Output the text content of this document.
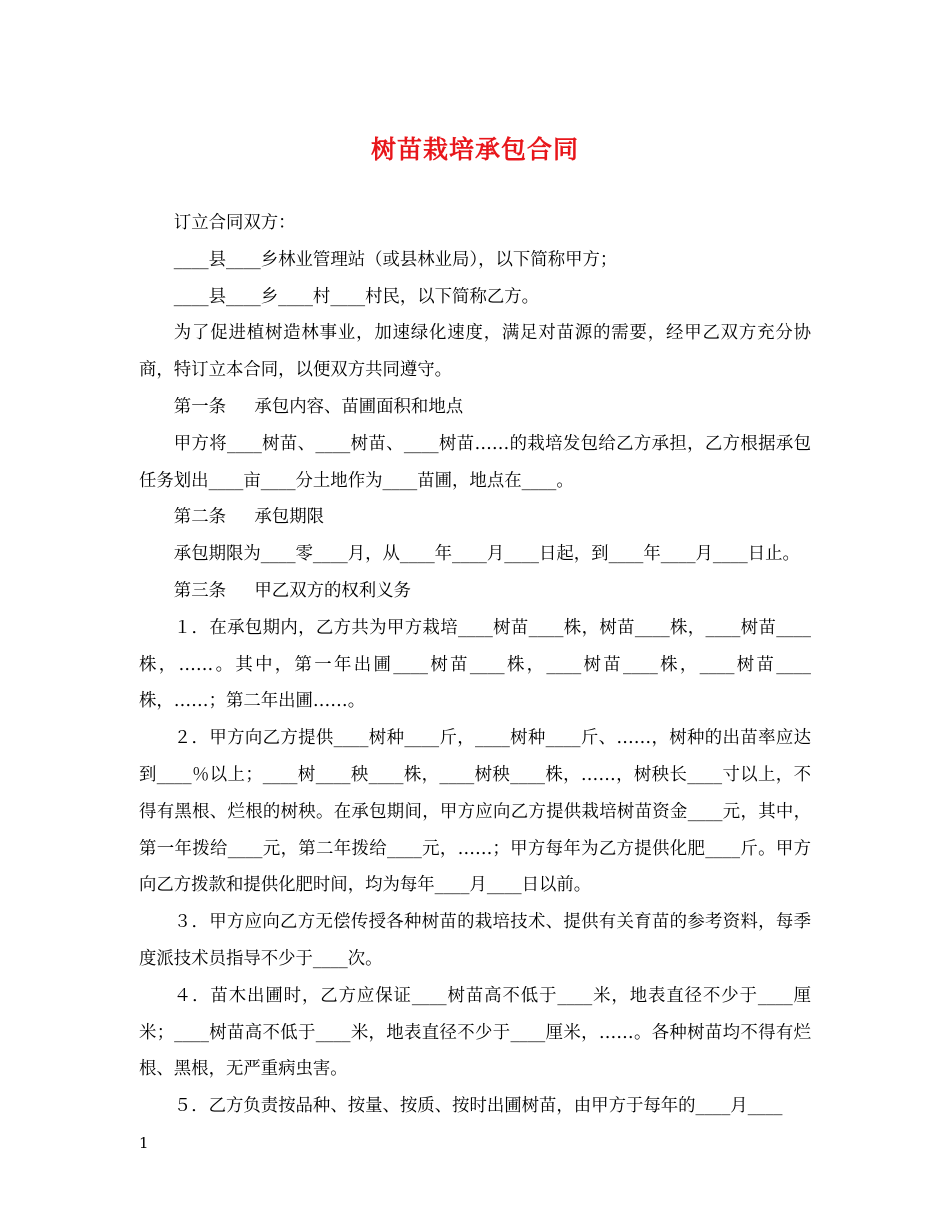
树苗栽培承包合同

订立合同双方：

____县____乡林业管理站（或县林业局），以下简称甲方；

____县____乡____村____村民，以下简称乙方。

为了促进植树造林事业，加速绿化速度，满足对苗源的需要，经甲乙双方充分协商，特订立本合同，以便双方共同遵守。

第一条　  承包内容、苗圃面积和地点

甲方将____树苗、____树苗、____树苗……的栽培发包给乙方承担，乙方根据承包任务划出____亩____分土地作为____苗圃，地点在____。

第二条　  承包期限

承包期限为____零____月，从____年____月____日起，到____年____月____日止。

第三条　  甲乙双方的权利义务

１．在承包期内，乙方共为甲方栽培____树苗____株，树苗____株，____树苗____株，……。其中，第一年出圃____树苗____株，____树苗____株，____树苗____株，……；第二年出圃……。

２．甲方向乙方提供____树种____斤，____树种____斤、……，树种的出苗率应达到____％以上；____树____秧____株，____树秧____株，……，树秧长____寸以上，不得有黑根、烂根的树秧。在承包期间，甲方应向乙方提供栽培树苗资金____元，其中，第一年拨给____元，第二年拨给____元，……；甲方每年为乙方提供化肥____斤。甲方向乙方拨款和提供化肥时间，均为每年____月____日以前。

３．甲方应向乙方无偿传授各种树苗的栽培技术、提供有关育苗的参考资料，每季度派技术员指导不少于____次。

４．苗木出圃时，乙方应保证____树苗高不低于____米，地表直径不少于____厘米；____树苗高不低于____米，地表直径不少于____厘米，……。各种树苗均不得有烂根、黑根，无严重病虫害。

５．乙方负责按品种、按量、按质、按时出圃树苗，由甲方于每年的____月____

1
